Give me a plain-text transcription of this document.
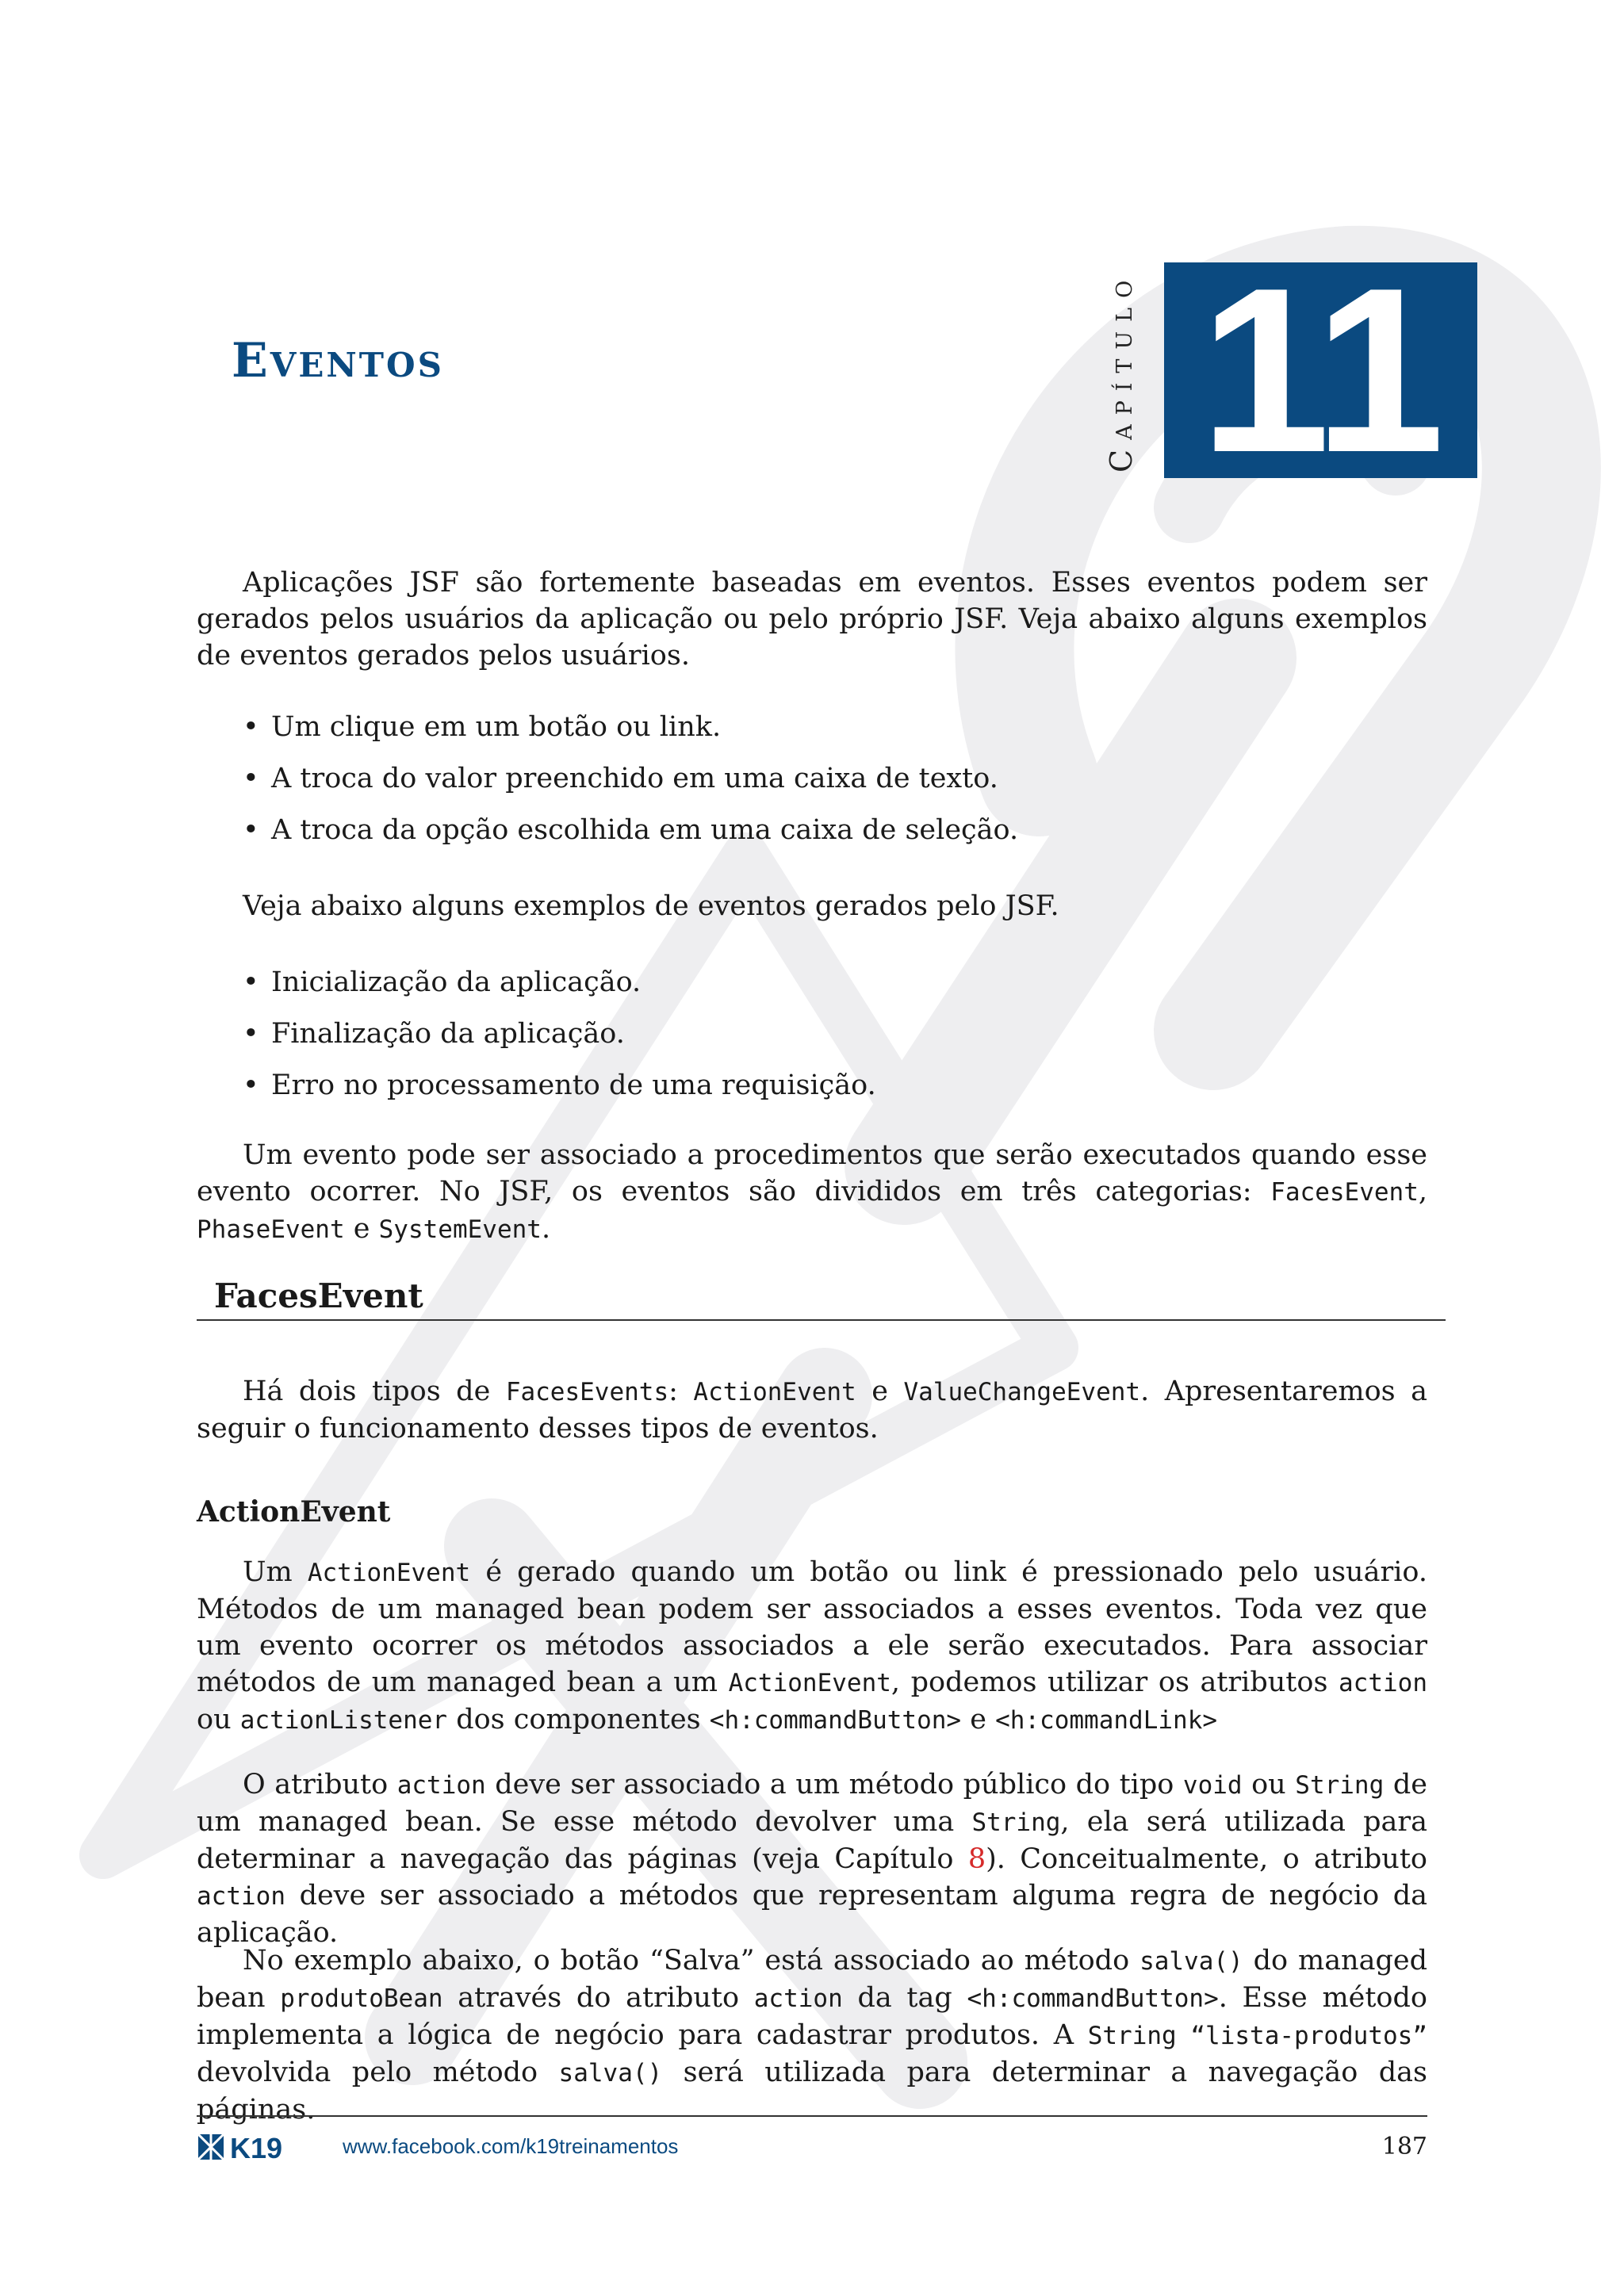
Eventos	Capítulo 11

Aplicações JSF são fortemente baseadas em eventos. Esses eventos podem ser gerados pelos usuários da aplicação ou pelo próprio JSF. Veja abaixo alguns exemplos de eventos gerados pelos usuários.

• Um clique em um botão ou link.
• A troca do valor preenchido em uma caixa de texto.
• A troca da opção escolhida em uma caixa de seleção.

Veja abaixo alguns exemplos de eventos gerados pelo JSF.

• Inicialização da aplicação.
• Finalização da aplicação.
• Erro no processamento de uma requisição.

Um evento pode ser associado a procedimentos que serão executados quando esse evento ocorrer. No JSF, os eventos são divididos em três categorias: FacesEvent, PhaseEvent e SystemEvent.

FacesEvent

Há dois tipos de FacesEvents: ActionEvent e ValueChangeEvent. Apresentaremos a seguir o funcionamento desses tipos de eventos.

ActionEvent

Um ActionEvent é gerado quando um botão ou link é pressionado pelo usuário. Métodos de um managed bean podem ser associados a esses eventos. Toda vez que um evento ocorrer os métodos associados a ele serão executados. Para associar métodos de um managed bean a um ActionEvent, podemos utilizar os atributos action ou actionListener dos componentes <h:commandButton> e <h:commandLink>

O atributo action deve ser associado a um método público do tipo void ou String de um managed bean. Se esse método devolver uma String, ela será utilizada para determinar a navegação das páginas (veja Capítulo 8). Conceitualmente, o atributo action deve ser associado a métodos que representam alguma regra de negócio da aplicação.

No exemplo abaixo, o botão “Salva” está associado ao método salva() do managed bean produtoBean através do atributo action da tag <h:commandButton>. Esse método implementa a lógica de negócio para cadastrar produtos. A String “lista-produtos” devolvida pelo método salva() será utilizada para determinar a navegação das páginas.

K19	www.facebook.com/k19treinamentos	187
